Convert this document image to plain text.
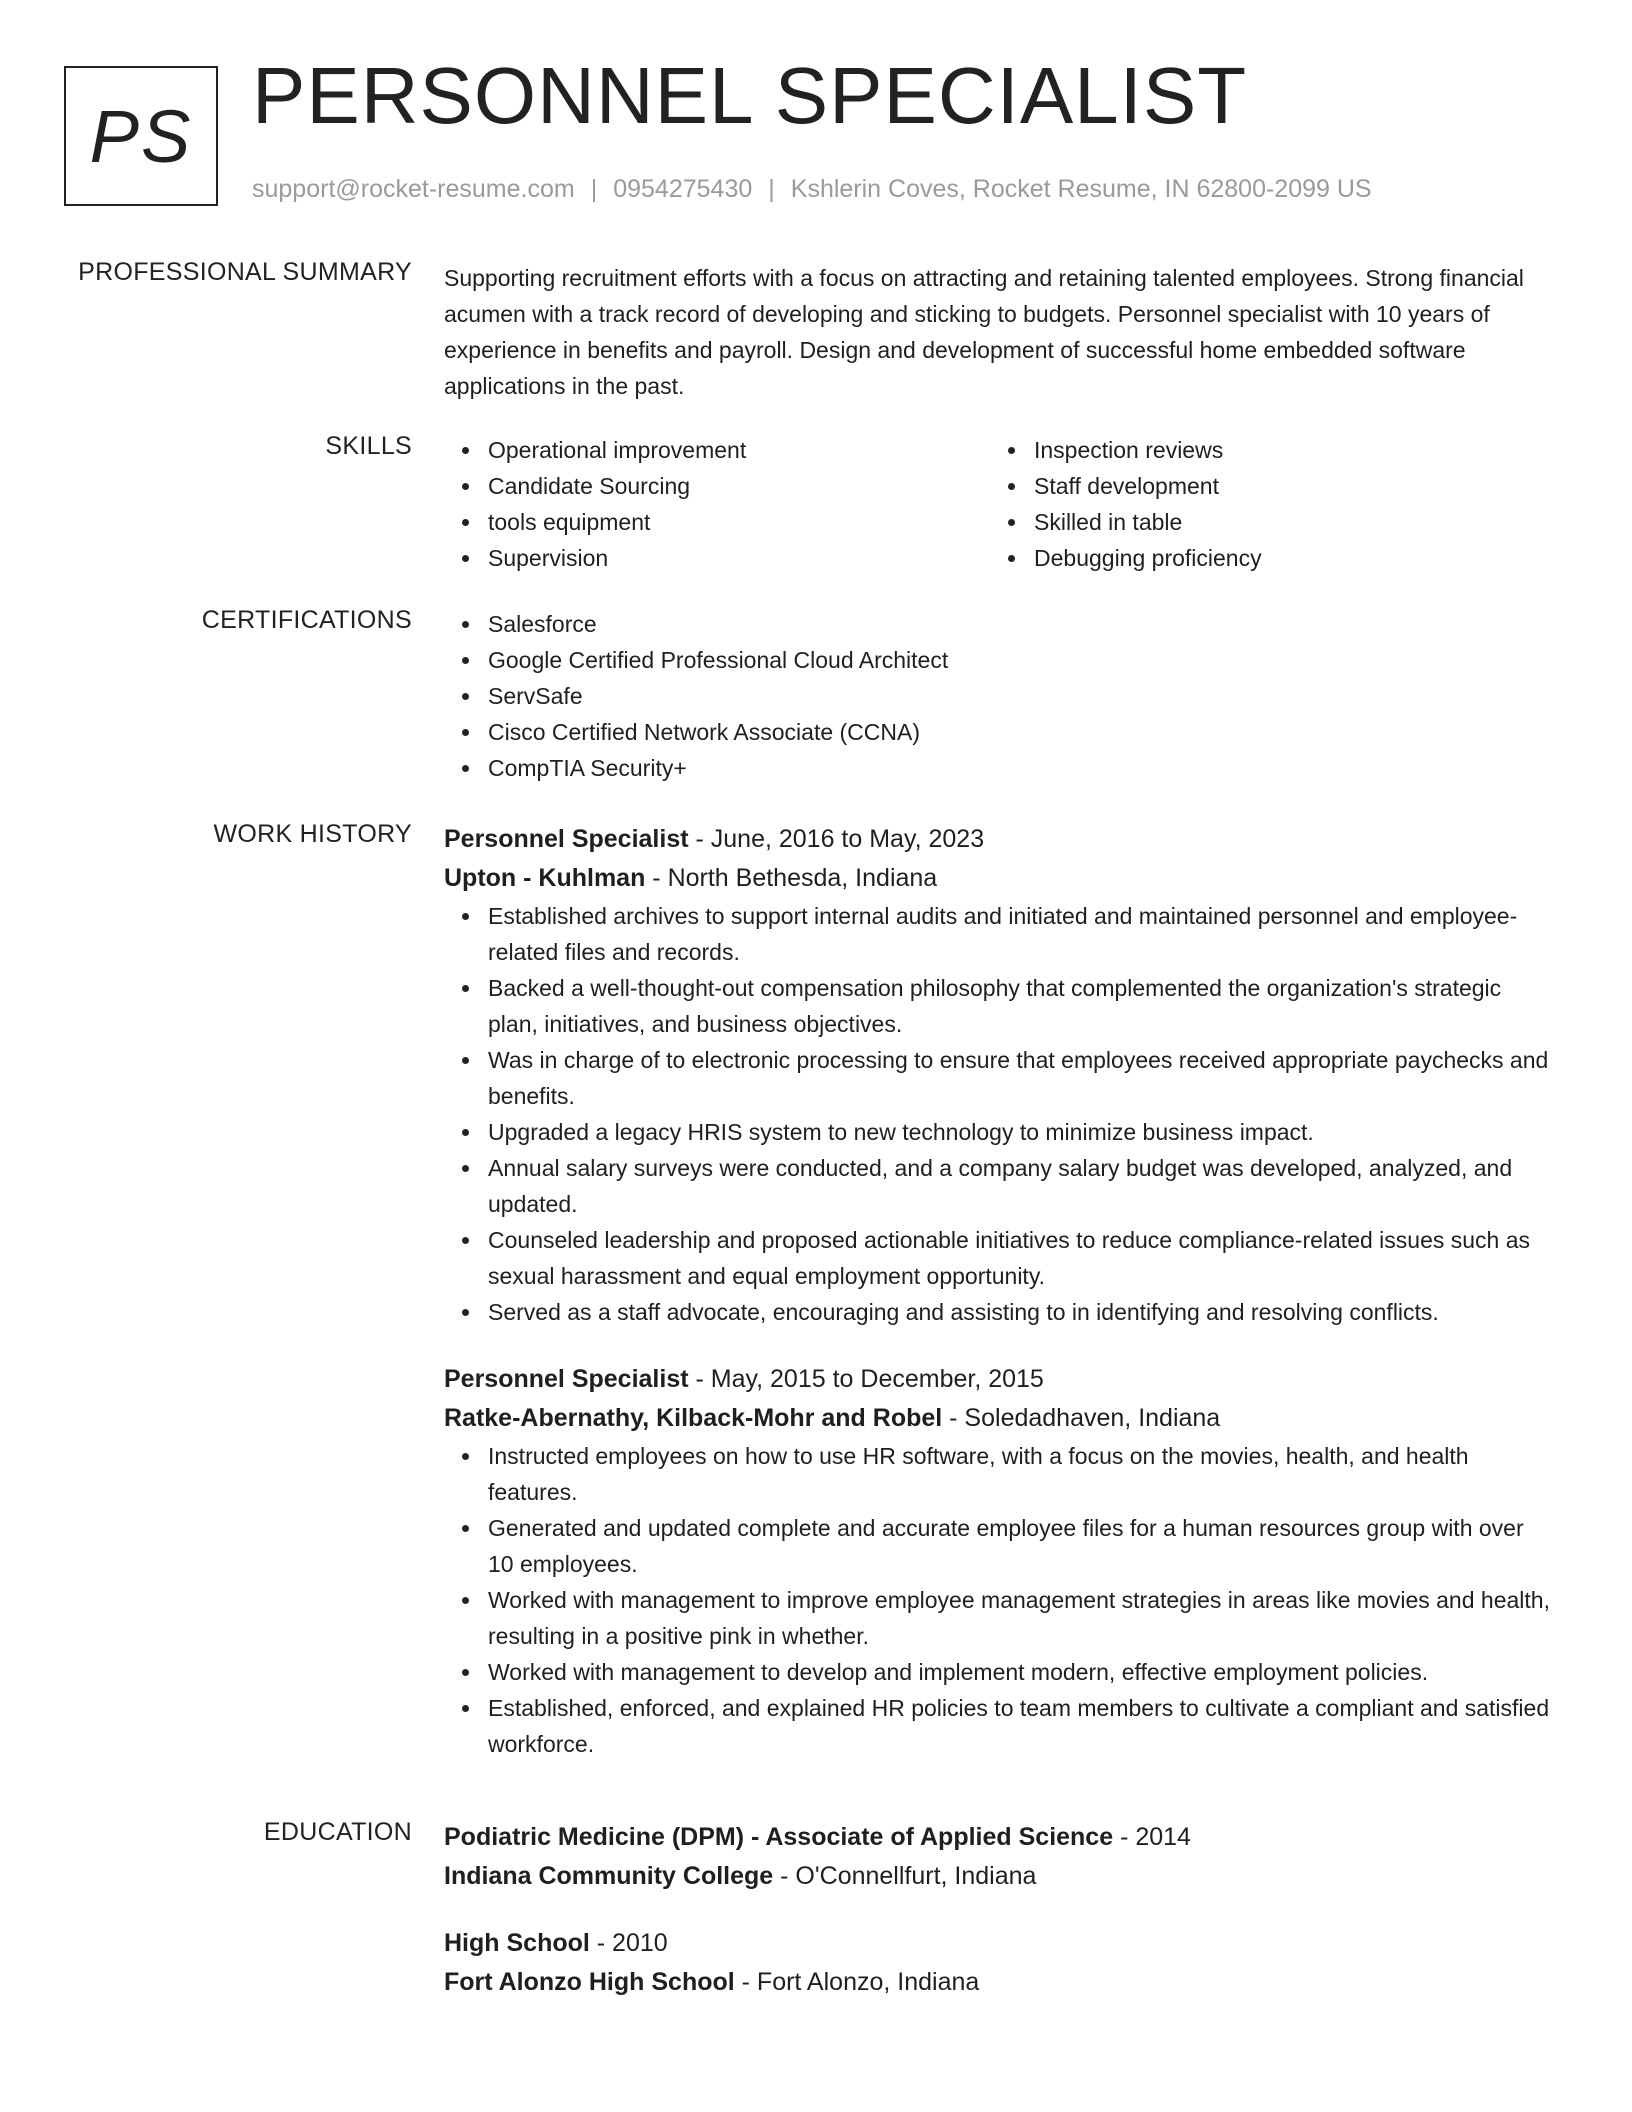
PS PERSONNEL SPECIALIST
support@rocket-resume.com | 0954275430 | Kshlerin Coves, Rocket Resume, IN 62800-2099 US
PROFESSIONAL SUMMARY Supporting recruitment efforts with a focus on attracting and retaining talented employees. Strong financial acumen with a track record of developing and sticking to budgets. Personnel specialist with 10 years of experience in benefits and payroll. Design and development of successful home embedded software applications in the past.
SKILLS	Operational improvement
Candidate Sourcing
tools equipment
Supervision
Inspection reviews
Staff development
Skilled in table
Debugging proficiency
CERTIFICATIONS	Salesforce
Google Certified Professional Cloud Architect
ServSafe
Cisco Certified Network Associate (CCNA)
CompTIA Security+
WORK HISTORY Personnel Specialist - June, 2016 to May, 2023
Upton - Kuhlman - North Bethesda, Indiana
Established archives to support internal audits and initiated and maintained personnel and employee-related files and records.
Backed a well-thought-out compensation philosophy that complemented the organization's strategic plan, initiatives, and business objectives.
Was in charge of to electronic processing to ensure that employees received appropriate paychecks and benefits.
Upgraded a legacy HRIS system to new technology to minimize business impact.
Annual salary surveys were conducted, and a company salary budget was developed, analyzed, and updated.
Counseled leadership and proposed actionable initiatives to reduce compliance-related issues such as sexual harassment and equal employment opportunity.
Served as a staff advocate, encouraging and assisting to in identifying and resolving conflicts.
Personnel Specialist - May, 2015 to December, 2015
Ratke-Abernathy, Kilback-Mohr and Robel - Soledadhaven, Indiana
Instructed employees on how to use HR software, with a focus on the movies, health, and health features.
Generated and updated complete and accurate employee files for a human resources group with over 10 employees.
Worked with management to improve employee management strategies in areas like movies and health, resulting in a positive pink in whether.
Worked with management to develop and implement modern, effective employment policies.
Established, enforced, and explained HR policies to team members to cultivate a compliant and satisfied workforce.
EDUCATION Podiatric Medicine (DPM) - Associate of Applied Science - 2014
Indiana Community College - O'Connellfurt, Indiana
High School - 2010
Fort Alonzo High School - Fort Alonzo, Indiana
